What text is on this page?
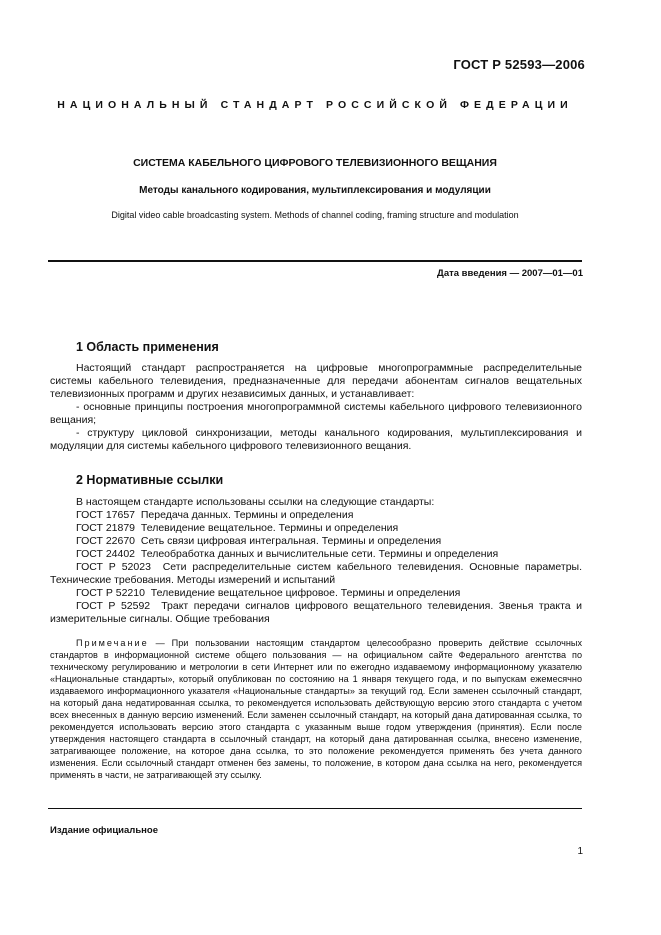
ГОСТ Р 52593—2006
НАЦИОНАЛЬНЫЙ СТАНДАРТ РОССИЙСКОЙ ФЕДЕРАЦИИ
СИСТЕМА КАБЕЛЬНОГО ЦИФРОВОГО ТЕЛЕВИЗИОННОГО ВЕЩАНИЯ
Методы канального кодирования, мультиплексирования и модуляции
Digital video cable broadcasting system. Methods of channel coding, framing structure and modulation
Дата введения — 2007—01—01
1 Область применения

Настоящий стандарт распространяется на цифровые многопрограммные распределительные системы кабельного телевидения, предназначенные для передачи абонентам сигналов вещательных телевизионных программ и других независимых данных, и устанавливает:

- основные принципы построения многопрограммной системы кабельного цифрового телевизионного вещания;

- структуру цикловой синхронизации, методы канального кодирования, мультиплексирования и модуляции для системы кабельного цифрового телевизионного вещания.

2 Нормативные ссылки

В настоящем стандарте использованы ссылки на следующие стандарты:

ГОСТ 17657 Передача данных. Термины и определения

ГОСТ 21879 Телевидение вещательное. Термины и определения

ГОСТ 22670 Сеть связи цифровая интегральная. Термины и определения

ГОСТ 24402 Телеобработка данных и вычислительные сети. Термины и определения

ГОСТ Р 52023 Сети распределительные систем кабельного телевидения. Основные параметры. Технические требования. Методы измерений и испытаний

ГОСТ Р 52210 Телевидение вещательное цифровое. Термины и определения

ГОСТ Р 52592 Тракт передачи сигналов цифрового вещательного телевидения. Звенья тракта и измерительные сигналы. Общие требования

Примечание — При пользовании настоящим стандартом целесообразно проверить действие ссылочных стандартов в информационной системе общего пользования — на официальном сайте Федерального агентства по техническому регулированию и метрологии в сети Интернет или по ежегодно издаваемому информационному указателю «Национальные стандарты», который опубликован по состоянию на 1 января текущего года, и по выпускам ежемесячно издаваемого информационного указателя «Национальные стандарты» за текущий год. Если заменен ссылочный стандарт, на который дана недатированная ссылка, то рекомендуется использовать действующую версию этого стандарта с учетом всех внесенных в данную версию изменений. Если заменен ссылочный стандарт, на который дана датированная ссылка, то рекомендуется использовать версию этого стандарта с указанным выше годом утверждения (принятия). Если после утверждения настоящего стандарта в ссылочный стандарт, на который дана датированная ссылка, внесено изменение, затрагивающее положение, на которое дана ссылка, то это положение рекомендуется применять без учета данного изменения. Если ссылочный стандарт отменен без замены, то положение, в котором дана ссылка на него, рекомендуется применять в части, не затрагивающей эту ссылку.

Издание официальное
1
